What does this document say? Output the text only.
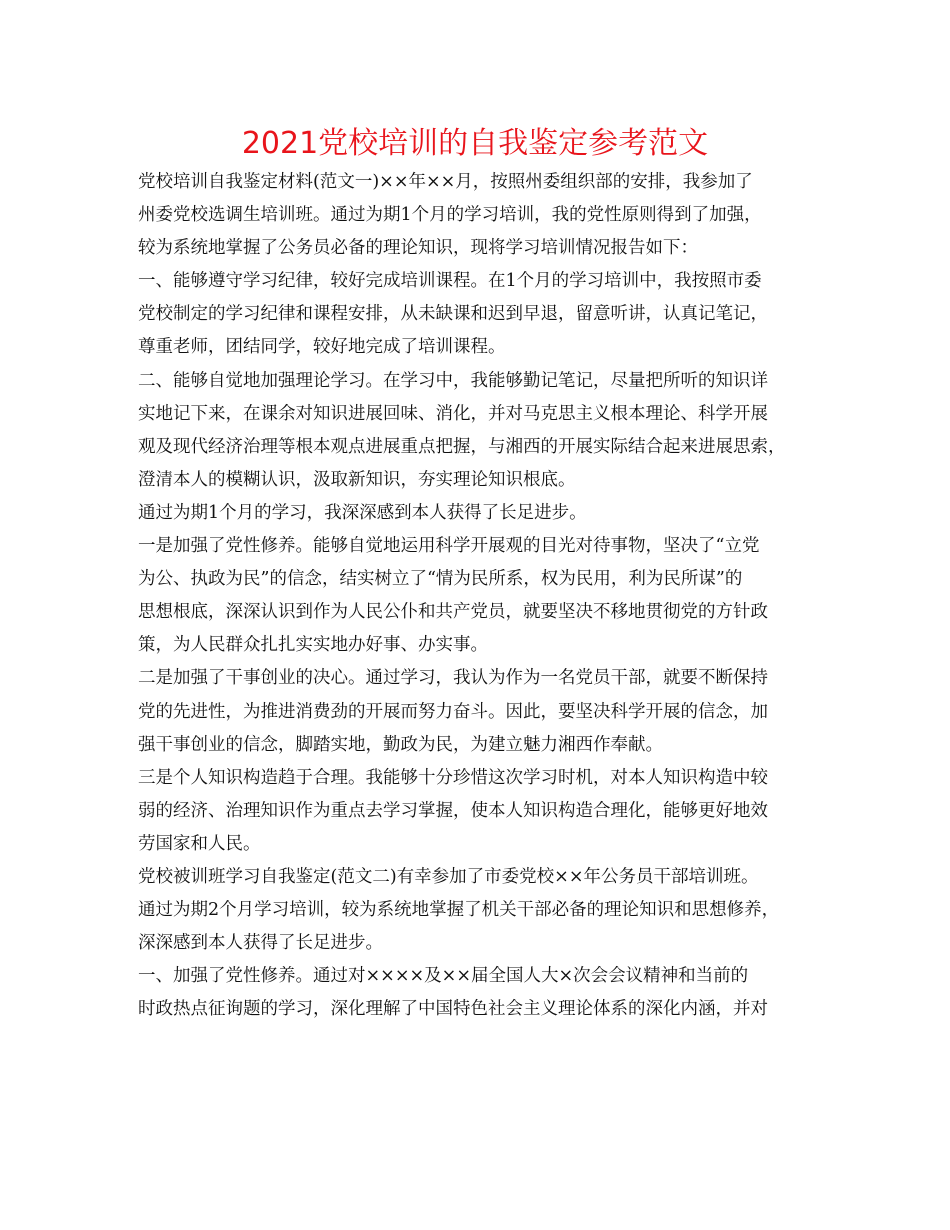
2021党校培训的自我鉴定参考范文
党校培训自我鉴定材料(范文一)××年××月，按照州委组织部的安排，我参加了
州委党校选调生培训班。通过为期1个月的学习培训，我的党性原则得到了加强，
较为系统地掌握了公务员必备的理论知识，现将学习培训情况报告如下：
一、能够遵守学习纪律，较好完成培训课程。在1个月的学习培训中，我按照市委
党校制定的学习纪律和课程安排，从未缺课和迟到早退，留意听讲，认真记笔记，
尊重老师，团结同学，较好地完成了培训课程。
二、能够自觉地加强理论学习。在学习中，我能够勤记笔记，尽量把所听的知识详
实地记下来，在课余对知识进展回味、消化，并对马克思主义根本理论、科学开展
观及现代经济治理等根本观点进展重点把握，与湘西的开展实际结合起来进展思索，
澄清本人的模糊认识，汲取新知识，夯实理论知识根底。
通过为期1个月的学习，我深深感到本人获得了长足进步。
一是加强了党性修养。能够自觉地运用科学开展观的目光对待事物，坚决了“立党
为公、执政为民”的信念，结实树立了“情为民所系，权为民用，利为民所谋”的
思想根底，深深认识到作为人民公仆和共产党员，就要坚决不移地贯彻党的方针政
策，为人民群众扎扎实实地办好事、办实事。
二是加强了干事创业的决心。通过学习，我认为作为一名党员干部，就要不断保持
党的先进性，为推进消费劲的开展而努力奋斗。因此，要坚决科学开展的信念，加
强干事创业的信念，脚踏实地，勤政为民，为建立魅力湘西作奉献。
三是个人知识构造趋于合理。我能够十分珍惜这次学习时机，对本人知识构造中较
弱的经济、治理知识作为重点去学习掌握，使本人知识构造合理化，能够更好地效
劳国家和人民。
党校被训班学习自我鉴定(范文二)有幸参加了市委党校××年公务员干部培训班。
通过为期2个月学习培训，较为系统地掌握了机关干部必备的理论知识和思想修养，
深深感到本人获得了长足进步。
一、加强了党性修养。通过对××××及××届全国人大×次会会议精神和当前的
时政热点征询题的学习，深化理解了中国特色社会主义理论体系的深化内涵，并对
